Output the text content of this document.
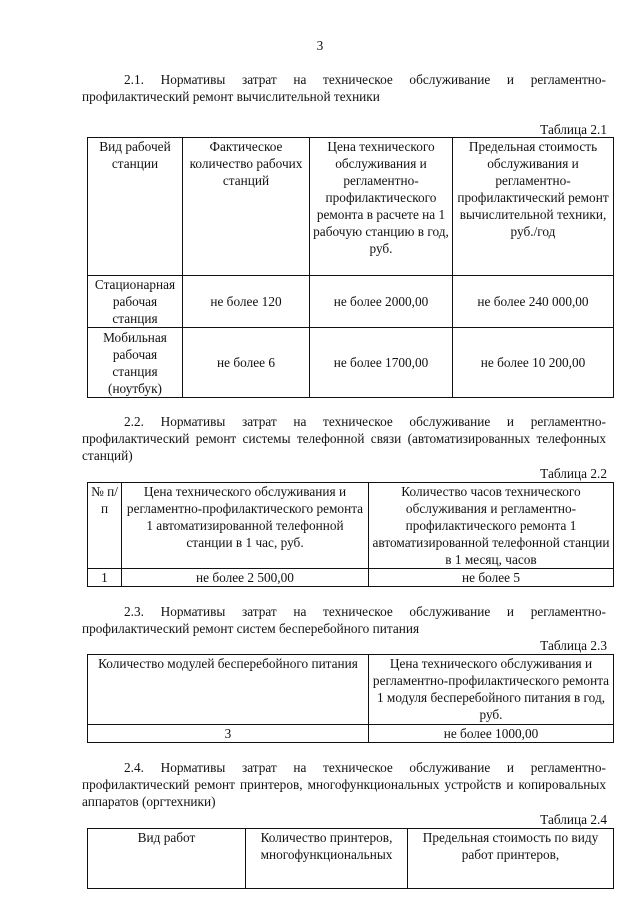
3
2.1. Нормативы затрат на техническое обслуживание и регламентно-профилактический ремонт вычислительной техники
Таблица 2.1
Вид рабочей станции	Фактическое количество рабочих станций	Цена технического обслуживания и регламентно-профилактического ремонта в расчете на 1 рабочую станцию в год, руб.	Предельная стоимость обслуживания и регламентно-профилактический ремонт вычислительной техники, руб./год
Стационарная рабочая станция	не более 120	не более 2000,00	не более 240 000,00
Мобильная рабочая станция (ноутбук)	не более 6	не более 1700,00	не более 10 200,00
2.2. Нормативы затрат на техническое обслуживание и регламентно-профилактический ремонт системы телефонной связи (автоматизированных телефонных станций)
Таблица 2.2
№ п/п	Цена технического обслуживания и регламентно-профилактического ремонта 1 автоматизированной телефонной станции в 1 час, руб.	Количество часов технического обслуживания и регламентно-профилактического ремонта 1 автоматизированной телефонной станции в 1 месяц, часов
1	не более 2 500,00	не более 5
2.3. Нормативы затрат на техническое обслуживание и регламентно-профилактический ремонт систем бесперебойного питания
Таблица 2.3
Количество модулей бесперебойного питания	Цена технического обслуживания и регламентно-профилактического ремонта 1 модуля бесперебойного питания в год, руб.
3	не более 1000,00
2.4. Нормативы затрат на техническое обслуживание и регламентно-профилактический ремонт принтеров, многофункциональных устройств и копировальных аппаратов (оргтехники)
Таблица 2.4
Вид работ	Количество принтеров, многофункциональных	Предельная стоимость по виду работ принтеров,
